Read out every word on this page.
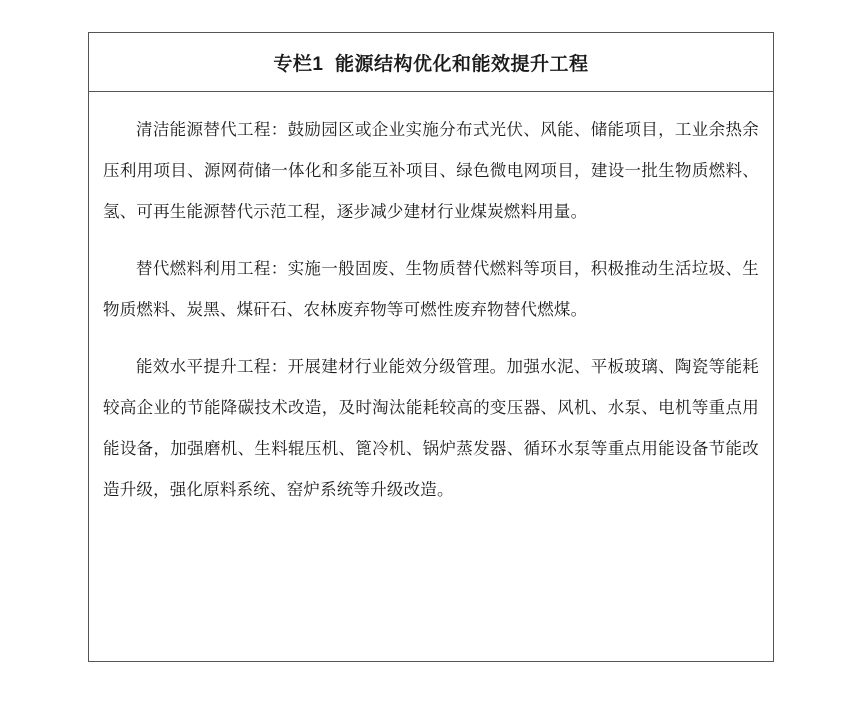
专栏1  能源结构优化和能效提升工程

清洁能源替代工程：鼓励园区或企业实施分布式光伏、风能、储能项目，工业余热余压利用项目、源网荷储一体化和多能互补项目、绿色微电网项目，建设一批生物质燃料、氢、可再生能源替代示范工程，逐步减少建材行业煤炭燃料用量。

替代燃料利用工程：实施一般固废、生物质替代燃料等项目，积极推动生活垃圾、生物质燃料、炭黑、煤矸石、农林废弃物等可燃性废弃物替代燃煤。

能效水平提升工程：开展建材行业能效分级管理。加强水泥、平板玻璃、陶瓷等能耗较高企业的节能降碳技术改造，及时淘汰能耗较高的变压器、风机、水泵、电机等重点用能设备，加强磨机、生料辊压机、篦冷机、锅炉蒸发器、循环水泵等重点用能设备节能改造升级，强化原料系统、窑炉系统等升级改造。
